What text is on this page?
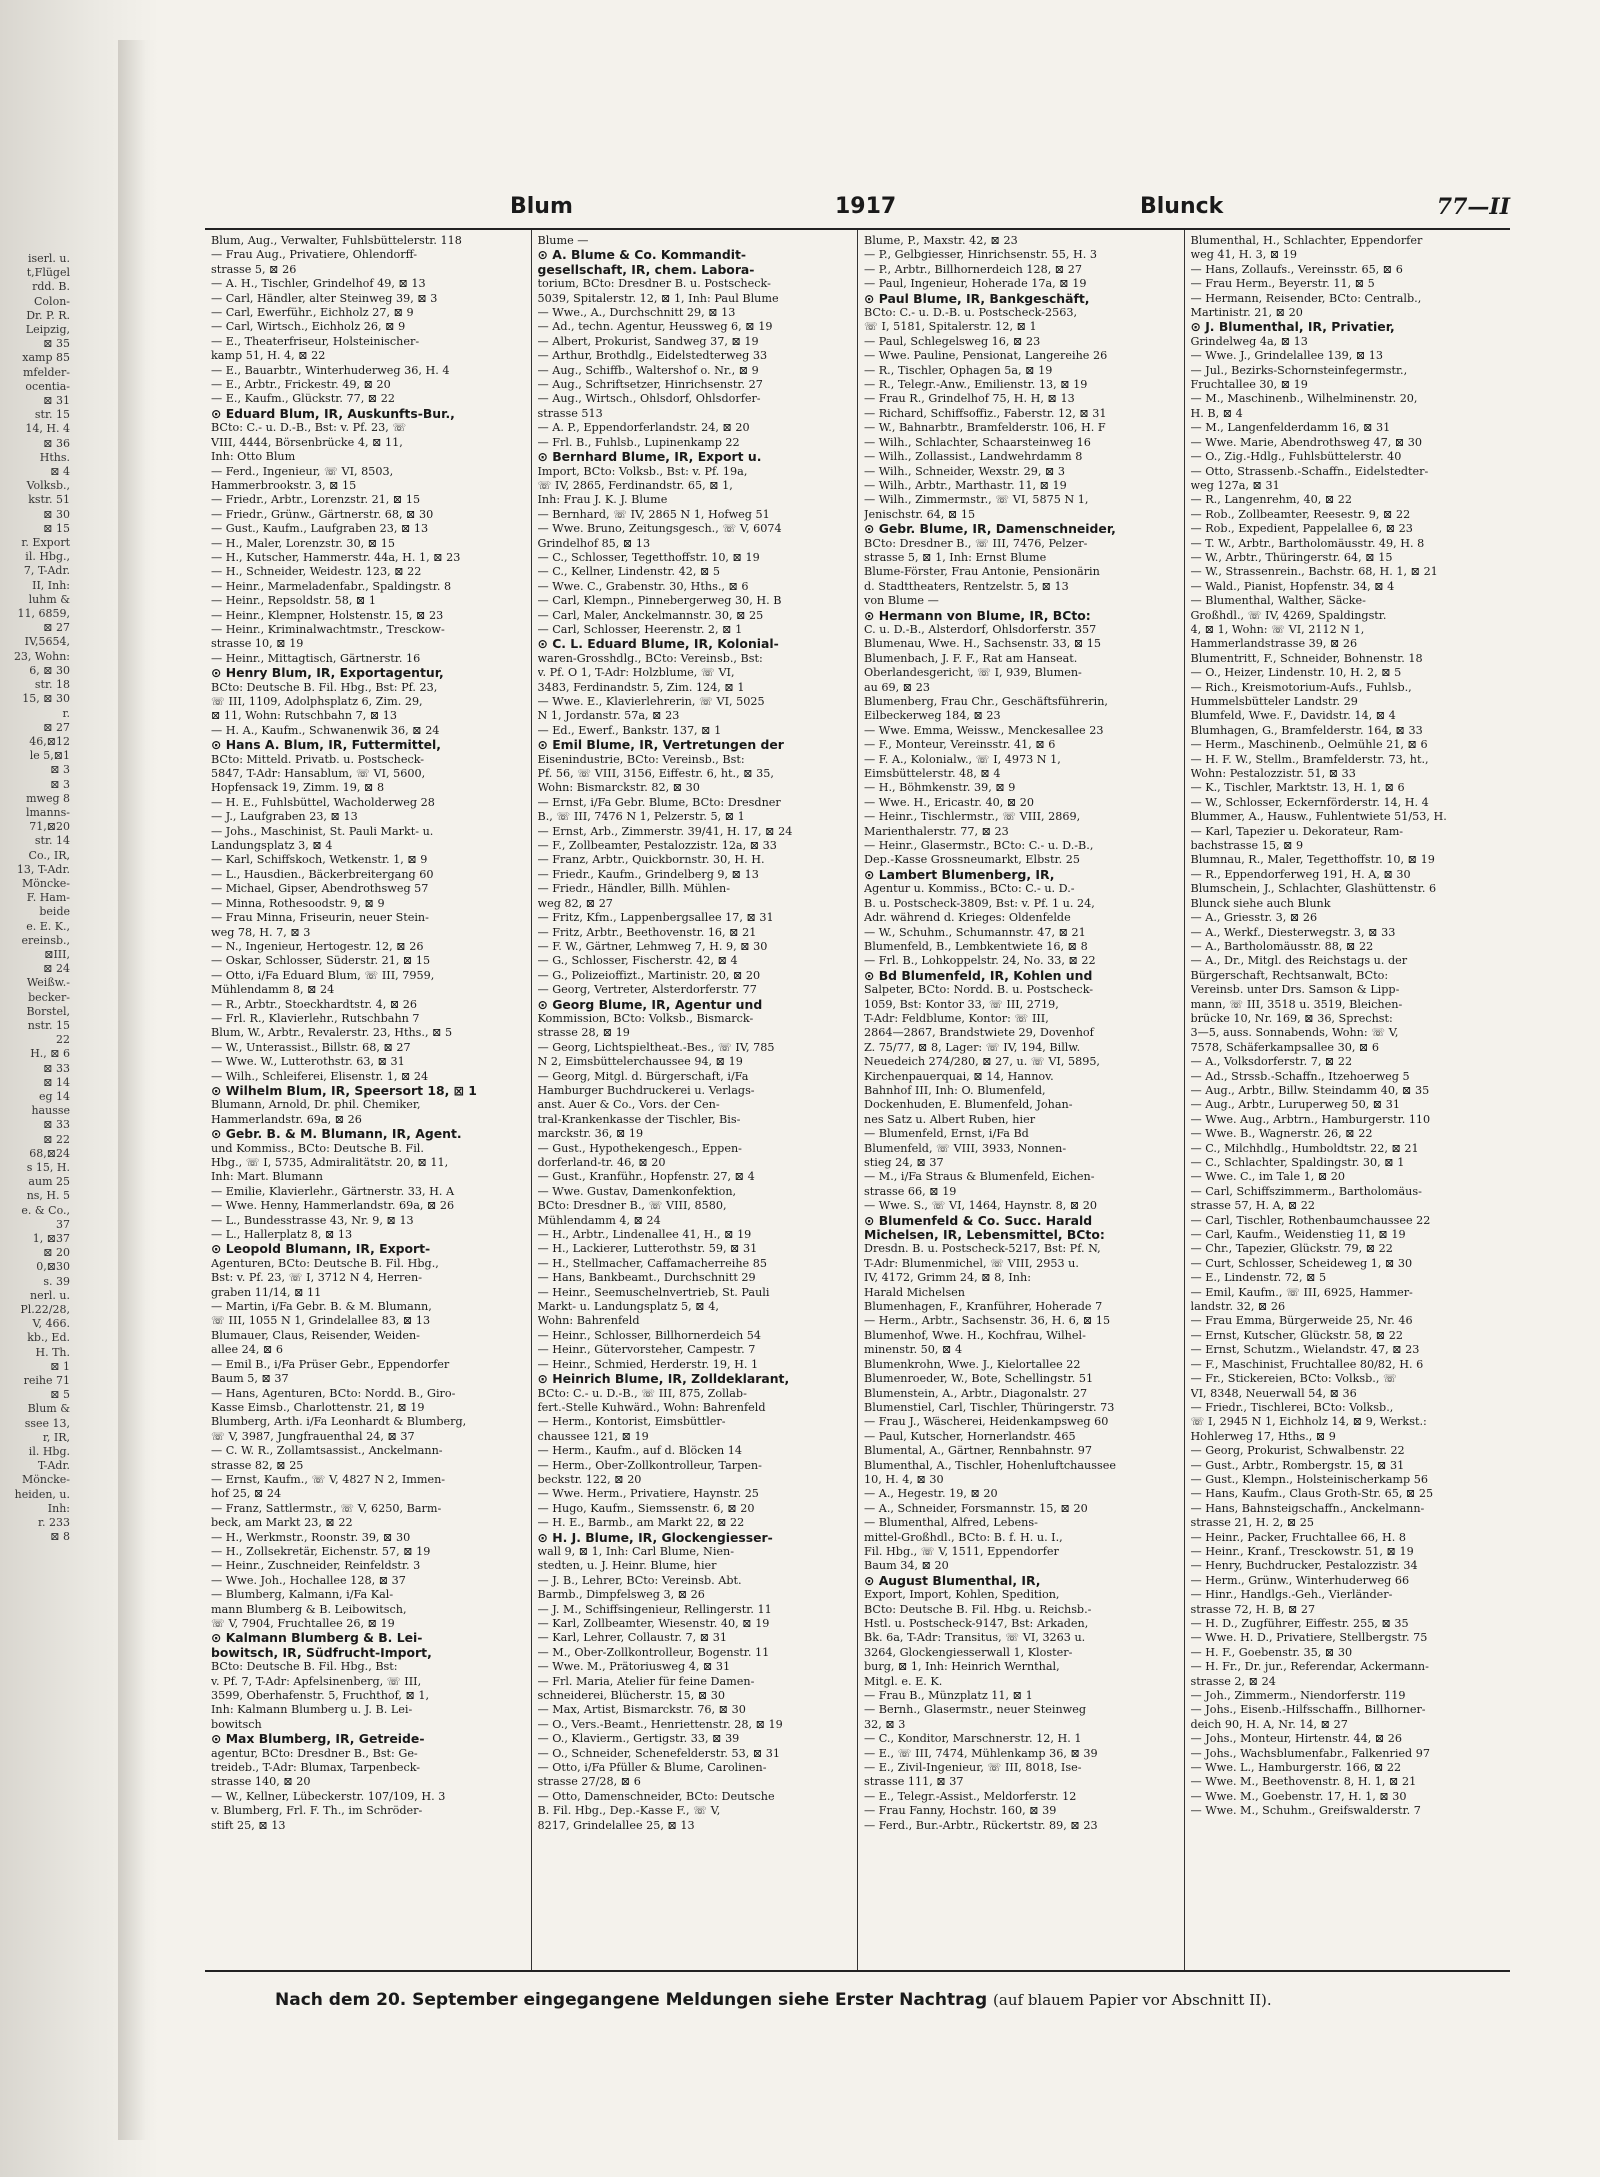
iserl. u.
t,Flügel
rdd. B.
Colon-
Dr. P. R.
Leipzig,
⊠ 35
xamp 85
mfelder-
ocentia-
⊠ 31
str. 15
14, H. 4
⊠ 36
Hths.
⊠ 4
Volksb.,
kstr. 51
⊠ 30
⊠ 15
r. Export
il. Hbg.,
7, T-Adr.
II, Inh:
luhm &
11, 6859,
⊠ 27
IV,5654,
23, Wohn:
6, ⊠ 30
str. 18
15, ⊠ 30
r.
⊠ 27
46,⊠12
le 5,⊠1
⊠ 3
⊠ 3
mweg 8
lmanns-
71,⊠20
str. 14
Co., IR,
13, T-Adr.
Möncke-
F. Ham-
beide
e. E. K.,
ereinsb.,
⊠III,
⊠ 24
Weißw.-
becker-
Borstel,
nstr. 15
22
H., ⊠ 6
⊠ 33
⊠ 14
eg 14
hausse
⊠ 33
⊠ 22
68,⊠24
s 15, H.
aum 25
ns, H. 5
e. & Co.,
37
1, ⊠37
⊠ 20
0,⊠30
s. 39
nerl. u.
Pl.22/28,
V, 466.
kb., Ed.
H. Th.
⊠ 1
reihe 71
⊠ 5
Blum &
ssee 13,
r, IR,
il. Hbg.
T-Adr.
Möncke-
heiden, u.
Inh:
r. 233
⊠ 8
Blum	1917	Blunck	77—II
Blum, Aug., Verwalter, Fuhlsbüttelerstr. 118
— Frau Aug., Privatiere, Ohlendorff-
strasse 5, ⊠ 26
— A. H., Tischler, Grindelhof 49, ⊠ 13
— Carl, Händler, alter Steinweg 39, ⊠ 3
— Carl, Ewerführ., Eichholz 27, ⊠ 9
— Carl, Wirtsch., Eichholz 26, ⊠ 9
— E., Theaterfriseur, Holsteinischer-
kamp 51, H. 4, ⊠ 22
— E., Bauarbtr., Winterhuderweg 36, H. 4
— E., Arbtr., Frickestr. 49, ⊠ 20
— E., Kaufm., Glückstr. 77, ⊠ 22
⊙ Eduard Blum, IR, Auskunfts-Bur.,
BCto: C.- u. D.-B., Bst: v. Pf. 23, ☏
VIII, 4444, Börsenbrücke 4, ⊠ 11,
Inh: Otto Blum
— Ferd., Ingenieur, ☏ VI, 8503,
Hammerbrookstr. 3, ⊠ 15
— Friedr., Arbtr., Lorenzstr. 21, ⊠ 15
— Friedr., Grünw., Gärtnerstr. 68, ⊠ 30
— Gust., Kaufm., Laufgraben 23, ⊠ 13
— H., Maler, Lorenzstr. 30, ⊠ 15
— H., Kutscher, Hammerstr. 44a, H. 1, ⊠ 23
— H., Schneider, Weidestr. 123, ⊠ 22
— Heinr., Marmeladenfabr., Spaldingstr. 8
— Heinr., Repsoldstr. 58, ⊠ 1
— Heinr., Klempner, Holstenstr. 15, ⊠ 23
— Heinr., Kriminalwachtmstr., Tresckow-
strasse 10, ⊠ 19
— Heinr., Mittagtisch, Gärtnerstr. 16
⊙ Henry Blum, IR, Exportagentur,
BCto: Deutsche B. Fil. Hbg., Bst: Pf. 23,
☏ III, 1109, Adolphsplatz 6, Zim. 29,
⊠ 11, Wohn: Rutschbahn 7, ⊠ 13
— H. A., Kaufm., Schwanenwik 36, ⊠ 24
⊙ Hans A. Blum, IR, Futtermittel,
BCto: Mitteld. Privatb. u. Postscheck-
5847, T-Adr: Hansablum, ☏ VI, 5600,
Hopfensack 19, Zimm. 19, ⊠ 8
— H. E., Fuhlsbüttel, Wacholderweg 28
— J., Laufgraben 23, ⊠ 13
— Johs., Maschinist, St. Pauli Markt- u.
Landungsplatz 3, ⊠ 4
— Karl, Schiffskoch, Wetkenstr. 1, ⊠ 9
— L., Hausdien., Bäckerbreitergang 60
— Michael, Gipser, Abendrothsweg 57
— Minna, Rothesoodstr. 9, ⊠ 9
— Frau Minna, Friseurin, neuer Stein-
weg 78, H. 7, ⊠ 3
— N., Ingenieur, Hertogestr. 12, ⊠ 26
— Oskar, Schlosser, Süderstr. 21, ⊠ 15
— Otto, i/Fa Eduard Blum, ☏ III, 7959,
Mühlendamm 8, ⊠ 24
— R., Arbtr., Stoeckhardtstr. 4, ⊠ 26
— Frl. R., Klavierlehr., Rutschbahn 7
Blum, W., Arbtr., Revalerstr. 23, Hths., ⊠ 5
— W., Unterassist., Billstr. 68, ⊠ 27
— Wwe. W., Lutterothstr. 63, ⊠ 31
— Wilh., Schleiferei, Elisenstr. 1, ⊠ 24
⊙ Wilhelm Blum, IR, Speersort 18, ⊠ 1
Blumann, Arnold, Dr. phil. Chemiker,
Hammerlandstr. 69a, ⊠ 26
⊙ Gebr. B. & M. Blumann, IR, Agent.
und Kommiss., BCto: Deutsche B. Fil.
Hbg., ☏ I, 5735, Admiralitätstr. 20, ⊠ 11,
Inh: Mart. Blumann
— Emilie, Klavierlehr., Gärtnerstr. 33, H. A
— Wwe. Henny, Hammerlandstr. 69a, ⊠ 26
— L., Bundesstrasse 43, Nr. 9, ⊠ 13
— L., Hallerplatz 8, ⊠ 13
⊙ Leopold Blumann, IR, Export-
Agenturen, BCto: Deutsche B. Fil. Hbg.,
Bst: v. Pf. 23, ☏ I, 3712 N 4, Herren-
graben 11/14, ⊠ 11
— Martin, i/Fa Gebr. B. & M. Blumann,
☏ III, 1055 N 1, Grindelallee 83, ⊠ 13
Blumauer, Claus, Reisender, Weiden-
allee 24, ⊠ 6
— Emil B., i/Fa Prüser Gebr., Eppendorfer
Baum 5, ⊠ 37
— Hans, Agenturen, BCto: Nordd. B., Giro-
Kasse Eimsb., Charlottenstr. 21, ⊠ 19
Blumberg, Arth. i/Fa Leonhardt & Blumberg,
☏ V, 3987, Jungfrauenthal 24, ⊠ 37
— C. W. R., Zollamtsassist., Anckelmann-
strasse 82, ⊠ 25
— Ernst, Kaufm., ☏ V, 4827 N 2, Immen-
hof 25, ⊠ 24
— Franz, Sattlermstr., ☏ V, 6250, Barm-
beck, am Markt 23, ⊠ 22
— H., Werkmstr., Roonstr. 39, ⊠ 30
— H., Zollsekretär, Eichenstr. 57, ⊠ 19
— Heinr., Zuschneider, Reinfeldstr. 3
— Wwe. Joh., Hochallee 128, ⊠ 37
— Blumberg, Kalmann, i/Fa Kal-
mann Blumberg & B. Leibowitsch,
☏ V, 7904, Fruchtallee 26, ⊠ 19
⊙ Kalmann Blumberg & B. Lei-
bowitsch, IR, Südfrucht-Import,
BCto: Deutsche B. Fil. Hbg., Bst:
v. Pf. 7, T-Adr: Apfelsinenberg, ☏ III,
3599, Oberhafenstr. 5, Fruchthof, ⊠ 1,
Inh: Kalmann Blumberg u. J. B. Lei-
bowitsch
⊙ Max Blumberg, IR, Getreide-
agentur, BCto: Dresdner B., Bst: Ge-
treideb., T-Adr: Blumax, Tarpenbeck-
strasse 140, ⊠ 20
— W., Kellner, Lübeckerstr. 107/109, H. 3
v. Blumberg, Frl. F. Th., im Schröder-
stift 25, ⊠ 13
Blume —
⊙ A. Blume & Co. Kommandit-
gesellschaft, IR, chem. Labora-
torium, BCto: Dresdner B. u. Postscheck-
5039, Spitalerstr. 12, ⊠ 1, Inh: Paul Blume
— Wwe., A., Durchschnitt 29, ⊠ 13
— Ad., techn. Agentur, Heussweg 6, ⊠ 19
— Albert, Prokurist, Sandweg 37, ⊠ 19
— Arthur, Brothdlg., Eidelstedterweg 33
— Aug., Schiffb., Waltershof o. Nr., ⊠ 9
— Aug., Schriftsetzer, Hinrichsenstr. 27
— Aug., Wirtsch., Ohlsdorf, Ohlsdorfer-
strasse 513
— A. P., Eppendorferlandstr. 24, ⊠ 20
— Frl. B., Fuhlsb., Lupinenkamp 22
⊙ Bernhard Blume, IR, Export u.
Import, BCto: Volksb., Bst: v. Pf. 19a,
☏ IV, 2865, Ferdinandstr. 65, ⊠ 1,
Inh: Frau J. K. J. Blume
— Bernhard, ☏ IV, 2865 N 1, Hofweg 51
— Wwe. Bruno, Zeitungsgesch., ☏ V, 6074
Grindelhof 85, ⊠ 13
— C., Schlosser, Tegetthoffstr. 10, ⊠ 19
— C., Kellner, Lindenstr. 42, ⊠ 5
— Wwe. C., Grabenstr. 30, Hths., ⊠ 6
— Carl, Klempn., Pinnebergerweg 30, H. B
— Carl, Maler, Anckelmannstr. 30, ⊠ 25
— Carl, Schlosser, Heerenstr. 2, ⊠ 1
⊙ C. L. Eduard Blume, IR, Kolonial-
waren-Grosshdlg., BCto: Vereinsb., Bst:
v. Pf. O 1, T-Adr: Holzblume, ☏ VI,
3483, Ferdinandstr. 5, Zim. 124, ⊠ 1
— Wwe. E., Klavierlehrerin, ☏ VI, 5025
N 1, Jordanstr. 57a, ⊠ 23
— Ed., Ewerf., Bankstr. 137, ⊠ 1
⊙ Emil Blume, IR, Vertretungen der
Eisenindustrie, BCto: Vereinsb., Bst:
Pf. 56, ☏ VIII, 3156, Eiffestr. 6, ht., ⊠ 35,
Wohn: Bismarckstr. 82, ⊠ 30
— Ernst, i/Fa Gebr. Blume, BCto: Dresdner
B., ☏ III, 7476 N 1, Pelzerstr. 5, ⊠ 1
— Ernst, Arb., Zimmerstr. 39/41, H. 17, ⊠ 24
— F., Zollbeamter, Pestalozzistr. 12a, ⊠ 33
— Franz, Arbtr., Quickbornstr. 30, H. H.
— Friedr., Kaufm., Grindelberg 9, ⊠ 13
— Friedr., Händler, Billh. Mühlen-
weg 82, ⊠ 27
— Fritz, Kfm., Lappenbergsallee 17, ⊠ 31
— Fritz, Arbtr., Beethovenstr. 16, ⊠ 21
— F. W., Gärtner, Lehmweg 7, H. 9, ⊠ 30
— G., Schlosser, Fischerstr. 42, ⊠ 4
— G., Polizeioffizt., Martinistr. 20, ⊠ 20
— Georg, Vertreter, Alsterdorferstr. 77
⊙ Georg Blume, IR, Agentur und
Kommission, BCto: Volksb., Bismarck-
strasse 28, ⊠ 19
— Georg, Lichtspieltheat.-Bes., ☏ IV, 785
N 2, Eimsbüttelerchaussee 94, ⊠ 19
— Georg, Mitgl. d. Bürgerschaft, i/Fa
Hamburger Buchdruckerei u. Verlags-
anst. Auer & Co., Vors. der Cen-
tral-Krankenkasse der Tischler, Bis-
marckstr. 36, ⊠ 19
— Gust., Hypothekengesch., Eppen-
dorferland-tr. 46, ⊠ 20
— Gust., Kranführ., Hopfenstr. 27, ⊠ 4
— Wwe. Gustav, Damenkonfektion,
BCto: Dresdner B., ☏ VIII, 8580,
Mühlendamm 4, ⊠ 24
— H., Arbtr., Lindenallee 41, H., ⊠ 19
— H., Lackierer, Lutterothstr. 59, ⊠ 31
— H., Stellmacher, Caffamacherreihe 85
— Hans, Bankbeamt., Durchschnitt 29
— Heinr., Seemuschelnvertrieb, St. Pauli
Markt- u. Landungsplatz 5, ⊠ 4,
Wohn: Bahrenfeld
— Heinr., Schlosser, Billhornerdeich 54
— Heinr., Gütervorsteher, Campestr. 7
— Heinr., Schmied, Herderstr. 19, H. 1
⊙ Heinrich Blume, IR, Zolldeklarant,
BCto: C.- u. D.-B., ☏ III, 875, Zollab-
fert.-Stelle Kuhwärd., Wohn: Bahrenfeld
— Herm., Kontorist, Eimsbüttler-
chaussee 121, ⊠ 19
— Herm., Kaufm., auf d. Blöcken 14
— Herm., Ober-Zollkontrolleur, Tarpen-
beckstr. 122, ⊠ 20
— Wwe. Herm., Privatiere, Haynstr. 25
— Hugo, Kaufm., Siemssenstr. 6, ⊠ 20
— H. E., Barmb., am Markt 22, ⊠ 22
⊙ H. J. Blume, IR, Glockengiesser-
wall 9, ⊠ 1, Inh: Carl Blume, Nien-
stedten, u. J. Heinr. Blume, hier
— J. B., Lehrer, BCto: Vereinsb. Abt.
Barmb., Dimpfelsweg 3, ⊠ 26
— J. M., Schiffsingenieur, Rellingerstr. 11
— Karl, Zollbeamter, Wiesenstr. 40, ⊠ 19
— Karl, Lehrer, Collaustr. 7, ⊠ 31
— M., Ober-Zollkontrolleur, Bogenstr. 11
— Wwe. M., Prätoriusweg 4, ⊠ 31
— Frl. Maria, Atelier für feine Damen-
schneiderei, Blücherstr. 15, ⊠ 30
— Max, Artist, Bismarckstr. 76, ⊠ 30
— O., Vers.-Beamt., Henriettenstr. 28, ⊠ 19
— O., Klavierm., Gertigstr. 33, ⊠ 39
— O., Schneider, Schenefelderstr. 53, ⊠ 31
— Otto, i/Fa Pfüller & Blume, Carolinen-
strasse 27/28, ⊠ 6
— Otto, Damenschneider, BCto: Deutsche
B. Fil. Hbg., Dep.-Kasse F., ☏ V,
8217, Grindelallee 25, ⊠ 13
Blume, P., Maxstr. 42, ⊠ 23
— P., Gelbgiesser, Hinrichsenstr. 55, H. 3
— P., Arbtr., Billhornerdeich 128, ⊠ 27
— Paul, Ingenieur, Hoherade 17a, ⊠ 19
⊙ Paul Blume, IR, Bankgeschäft,
BCto: C.- u. D.-B. u. Postscheck-2563,
☏ I, 5181, Spitalerstr. 12, ⊠ 1
— Paul, Schlegelsweg 16, ⊠ 23
— Wwe. Pauline, Pensionat, Langereihe 26
— R., Tischler, Ophagen 5a, ⊠ 19
— R., Telegr.-Anw., Emilienstr. 13, ⊠ 19
— Frau R., Grindelhof 75, H. H, ⊠ 13
— Richard, Schiffsoffiz., Faberstr. 12, ⊠ 31
— W., Bahnarbtr., Bramfelderstr. 106, H. F
— Wilh., Schlachter, Schaarsteinweg 16
— Wilh., Zollassist., Landwehrdamm 8
— Wilh., Schneider, Wexstr. 29, ⊠ 3
— Wilh., Arbtr., Marthastr. 11, ⊠ 19
— Wilh., Zimmermstr., ☏ VI, 5875 N 1,
Jenischstr. 64, ⊠ 15
⊙ Gebr. Blume, IR, Damenschneider,
BCto: Dresdner B., ☏ III, 7476, Pelzer-
strasse 5, ⊠ 1, Inh: Ernst Blume
Blume-Förster, Frau Antonie, Pensionärin
d. Stadttheaters, Rentzelstr. 5, ⊠ 13
von Blume —
⊙ Hermann von Blume, IR, BCto:
C. u. D.-B., Alsterdorf, Ohlsdorferstr. 357
Blumenau, Wwe. H., Sachsenstr. 33, ⊠ 15
Blumenbach, J. F. F., Rat am Hanseat.
Oberlandesgericht, ☏ I, 939, Blumen-
au 69, ⊠ 23
Blumenberg, Frau Chr., Geschäftsführerin,
Eilbeckerweg 184, ⊠ 23
— Wwe. Emma, Weissw., Menckesallee 23
— F., Monteur, Vereinsstr. 41, ⊠ 6
— F. A., Kolonialw., ☏ I, 4973 N 1,
Eimsbüttelerstr. 48, ⊠ 4
— H., Böhmkenstr. 39, ⊠ 9
— Wwe. H., Ericastr. 40, ⊠ 20
— Heinr., Tischlermstr., ☏ VIII, 2869,
Marienthalerstr. 77, ⊠ 23
— Heinr., Glasermstr., BCto: C.- u. D.-B.,
Dep.-Kasse Grossneumarkt, Elbstr. 25
⊙ Lambert Blumenberg, IR,
Agentur u. Kommiss., BCto: C.- u. D.-
B. u. Postscheck-3809, Bst: v. Pf. 1 u. 24,
Adr. während d. Krieges: Oldenfelde
— W., Schuhm., Schumannstr. 47, ⊠ 21
Blumenfeld, B., Lembkentwiete 16, ⊠ 8
— Frl. B., Lohkoppelstr. 24, No. 33, ⊠ 22
⊙ Bd Blumenfeld, IR, Kohlen und
Salpeter, BCto: Nordd. B. u. Postscheck-
1059, Bst: Kontor 33, ☏ III, 2719,
T-Adr: Feldblume, Kontor: ☏ III,
2864—2867, Brandstwiete 29, Dovenhof
Z. 75/77, ⊠ 8, Lager: ☏ IV, 194, Billw.
Neuedeich 274/280, ⊠ 27, u. ☏ VI, 5895,
Kirchenpauerquai, ⊠ 14, Hannov.
Bahnhof III, Inh: O. Blumenfeld,
Dockenhuden, E. Blumenfeld, Johan-
nes Satz u. Albert Ruben, hier
— Blumenfeld, Ernst, i/Fa Bd
Blumenfeld, ☏ VIII, 3933, Nonnen-
stieg 24, ⊠ 37
— M., i/Fa Straus & Blumenfeld, Eichen-
strasse 66, ⊠ 19
— Wwe. S., ☏ VI, 1464, Haynstr. 8, ⊠ 20
⊙ Blumenfeld & Co. Succ. Harald
Michelsen, IR, Lebensmittel, BCto:
Dresdn. B. u. Postscheck-5217, Bst: Pf. N,
T-Adr: Blumenmichel, ☏ VIII, 2953 u.
IV, 4172, Grimm 24, ⊠ 8, Inh:
Harald Michelsen
Blumenhagen, F., Kranführer, Hoherade 7
— Herm., Arbtr., Sachsenstr. 36, H. 6, ⊠ 15
Blumenhof, Wwe. H., Kochfrau, Wilhel-
minenstr. 50, ⊠ 4
Blumenkrohn, Wwe. J., Kielortallee 22
Blumenroeder, W., Bote, Schellingstr. 51
Blumenstein, A., Arbtr., Diagonalstr. 27
Blumenstiel, Carl, Tischler, Thüringerstr. 73
— Frau J., Wäscherei, Heidenkampsweg 60
— Paul, Kutscher, Hornerlandstr. 465
Blumental, A., Gärtner, Rennbahnstr. 97
Blumenthal, A., Tischler, Hohenluftchaussee
10, H. 4, ⊠ 30
— A., Hegestr. 19, ⊠ 20
— A., Schneider, Forsmannstr. 15, ⊠ 20
— Blumenthal, Alfred, Lebens-
mittel-Großhdl., BCto: B. f. H. u. I.,
Fil. Hbg., ☏ V, 1511, Eppendorfer
Baum 34, ⊠ 20
⊙ August Blumenthal, IR,
Export, Import, Kohlen, Spedition,
BCto: Deutsche B. Fil. Hbg. u. Reichsb.-
Hstl. u. Postscheck-9147, Bst: Arkaden,
Bk. 6a, T-Adr: Transitus, ☏ VI, 3263 u.
3264, Glockengiesserwall 1, Kloster-
burg, ⊠ 1, Inh: Heinrich Wernthal,
Mitgl. e. E. K.
— Frau B., Münzplatz 11, ⊠ 1
— Bernh., Glasermstr., neuer Steinweg
32, ⊠ 3
— C., Konditor, Marschnerstr. 12, H. 1
— E., ☏ III, 7474, Mühlenkamp 36, ⊠ 39
— E., Zivil-Ingenieur, ☏ III, 8018, Ise-
strasse 111, ⊠ 37
— E., Telegr.-Assist., Meldorferstr. 12
— Frau Fanny, Hochstr. 160, ⊠ 39
— Ferd., Bur.-Arbtr., Rückertstr. 89, ⊠ 23
Blumenthal, H., Schlachter, Eppendorfer
weg 41, H. 3, ⊠ 19
— Hans, Zollaufs., Vereinsstr. 65, ⊠ 6
— Frau Herm., Beyerstr. 11, ⊠ 5
— Hermann, Reisender, BCto: Centralb.,
Martinistr. 21, ⊠ 20
⊙ J. Blumenthal, IR, Privatier,
Grindelweg 4a, ⊠ 13
— Wwe. J., Grindelallee 139, ⊠ 13
— Jul., Bezirks-Schornsteinfegermstr.,
Fruchtallee 30, ⊠ 19
— M., Maschinenb., Wilhelminenstr. 20,
H. B, ⊠ 4
— M., Langenfelderdamm 16, ⊠ 31
— Wwe. Marie, Abendrothsweg 47, ⊠ 30
— O., Zig.-Hdlg., Fuhlsbüttelerstr. 40
— Otto, Strassenb.-Schaffn., Eidelstedter-
weg 127a, ⊠ 31
— R., Langenrehm, 40, ⊠ 22
— Rob., Zollbeamter, Reesestr. 9, ⊠ 22
— Rob., Expedient, Pappelallee 6, ⊠ 23
— T. W., Arbtr., Bartholomäusstr. 49, H. 8
— W., Arbtr., Thüringerstr. 64, ⊠ 15
— W., Strassenrein., Bachstr. 68, H. 1, ⊠ 21
— Wald., Pianist, Hopfenstr. 34, ⊠ 4
— Blumenthal, Walther, Säcke-
Großhdl., ☏ IV, 4269, Spaldingstr.
4, ⊠ 1, Wohn: ☏ VI, 2112 N 1,
Hammerlandstrasse 39, ⊠ 26
Blumentritt, F., Schneider, Bohnenstr. 18
— O., Heizer, Lindenstr. 10, H. 2, ⊠ 5
— Rich., Kreismotorium-Aufs., Fuhlsb.,
Hummelsbütteler Landstr. 29
Blumfeld, Wwe. F., Davidstr. 14, ⊠ 4
Blumhagen, G., Bramfelderstr. 164, ⊠ 33
— Herm., Maschinenb., Oelmühle 21, ⊠ 6
— H. F. W., Stellm., Bramfelderstr. 73, ht.,
Wohn: Pestalozzistr. 51, ⊠ 33
— K., Tischler, Marktstr. 13, H. 1, ⊠ 6
— W., Schlosser, Eckernförderstr. 14, H. 4
Blummer, A., Hausw., Fuhlentwiete 51/53, H.
— Karl, Tapezier u. Dekorateur, Ram-
bachstrasse 15, ⊠ 9
Blumnau, R., Maler, Tegetthoffstr. 10, ⊠ 19
— R., Eppendorferweg 191, H. A, ⊠ 30
Blumschein, J., Schlachter, Glashüttenstr. 6
Blunck siehe auch Blunk
— A., Griesstr. 3, ⊠ 26
— A., Werkf., Diesterwegstr. 3, ⊠ 33
— A., Bartholomäusstr. 88, ⊠ 22
— A., Dr., Mitgl. des Reichstags u. der
Bürgerschaft, Rechtsanwalt, BCto:
Vereinsb. unter Drs. Samson & Lipp-
mann, ☏ III, 3518 u. 3519, Bleichen-
brücke 10, Nr. 169, ⊠ 36, Sprechst:
3—5, auss. Sonnabends, Wohn: ☏ V,
7578, Schäferkampsallee 30, ⊠ 6
— A., Volksdorferstr. 7, ⊠ 22
— Ad., Strssb.-Schaffn., Itzehoerweg 5
— Aug., Arbtr., Billw. Steindamm 40, ⊠ 35
— Aug., Arbtr., Luruperweg 50, ⊠ 31
— Wwe. Aug., Arbtrn., Hamburgerstr. 110
— Wwe. B., Wagnerstr. 26, ⊠ 22
— C., Milchhdlg., Humboldtstr. 22, ⊠ 21
— C., Schlachter, Spaldingstr. 30, ⊠ 1
— Wwe. C., im Tale 1, ⊠ 20
— Carl, Schiffszimmerm., Bartholomäus-
strasse 57, H. A, ⊠ 22
— Carl, Tischler, Rothenbaumchaussee 22
— Carl, Kaufm., Weidenstieg 11, ⊠ 19
— Chr., Tapezier, Glückstr. 79, ⊠ 22
— Curt, Schlosser, Scheideweg 1, ⊠ 30
— E., Lindenstr. 72, ⊠ 5
— Emil, Kaufm., ☏ III, 6925, Hammer-
landstr. 32, ⊠ 26
— Frau Emma, Bürgerweide 25, Nr. 46
— Ernst, Kutscher, Glückstr. 58, ⊠ 22
— Ernst, Schutzm., Wielandstr. 47, ⊠ 23
— F., Maschinist, Fruchtallee 80/82, H. 6
— Fr., Stickereien, BCto: Volksb., ☏
VI, 8348, Neuerwall 54, ⊠ 36
— Friedr., Tischlerei, BCto: Volksb.,
☏ I, 2945 N 1, Eichholz 14, ⊠ 9, Werkst.:
Hohlerweg 17, Hths., ⊠ 9
— Georg, Prokurist, Schwalbenstr. 22
— Gust., Arbtr., Rombergstr. 15, ⊠ 31
— Gust., Klempn., Holsteinischerkamp 56
— Hans, Kaufm., Claus Groth-Str. 65, ⊠ 25
— Hans, Bahnsteigschaffn., Anckelmann-
strasse 21, H. 2, ⊠ 25
— Heinr., Packer, Fruchtallee 66, H. 8
— Heinr., Kranf., Tresckowstr. 51, ⊠ 19
— Henry, Buchdrucker, Pestalozzistr. 34
— Herm., Grünw., Winterhuderweg 66
— Hinr., Handlgs.-Geh., Vierländer-
strasse 72, H. B, ⊠ 27
— H. D., Zugführer, Eiffestr. 255, ⊠ 35
— Wwe. H. D., Privatiere, Stellbergstr. 75
— H. F., Goebenstr. 35, ⊠ 30
— H. Fr., Dr. jur., Referendar, Ackermann-
strasse 2, ⊠ 24
— Joh., Zimmerm., Niendorferstr. 119
— Johs., Eisenb.-Hilfsschaffn., Billhorner-
deich 90, H. A, Nr. 14, ⊠ 27
— Johs., Monteur, Hirtenstr. 44, ⊠ 26
— Johs., Wachsblumenfabr., Falkenried 97
— Wwe. L., Hamburgerstr. 166, ⊠ 22
— Wwe. M., Beethovenstr. 8, H. 1, ⊠ 21
— Wwe. M., Goebenstr. 17, H. 1, ⊠ 30
— Wwe. M., Schuhm., Greifswalderstr. 7
Nach dem 20. September eingegangene Meldungen siehe Erster Nachtrag (auf blauem Papier vor Abschnitt II).
